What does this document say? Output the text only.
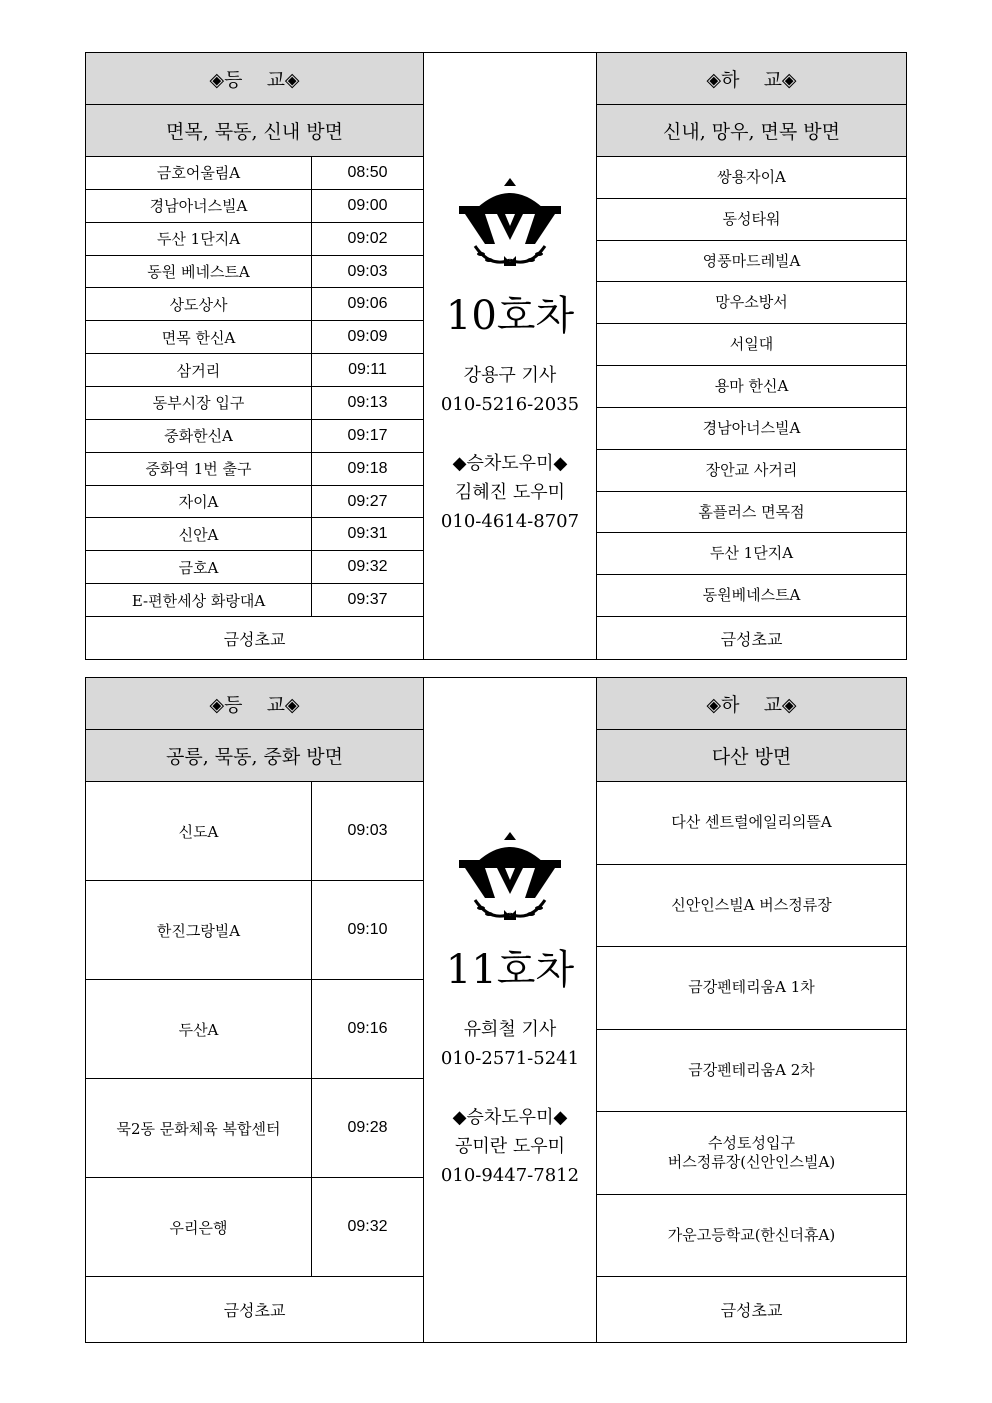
◈등    교◈
면목, 묵동, 신내 방면
금호어울림A	08:50
경남아너스빌A	09:00
두산 1단지A	09:02
동원 베네스트A	09:03
상도상사	09:06
면목 한신A	09:09
삼거리	09:11
동부시장 입구	09:13
중화한신A	09:17
중화역 1번 출구	09:18
자이A	09:27
신안A	09:31
금호A	09:32
E-편한세상 화랑대A	09:37
금성초교
10호차
강용구 기사
010-5216-2035
◆승차도우미◆
김혜진 도우미
010-4614-8707
◈하    교◈
신내, 망우, 면목 방면
쌍용자이A
동성타워
영풍마드레빌A
망우소방서
서일대
용마 한신A
경남아너스빌A
장안교 사거리
홈플러스 면목점
두산 1단지A
동원베네스트A
금성초교
◈등    교◈
공릉, 묵동, 중화 방면
신도A	09:03
한진그랑빌A	09:10
두산A	09:16
묵2동 문화체육 복합센터	09:28
우리은행	09:32
금성초교
11호차
유희철 기사
010-2571-5241
◆승차도우미◆
공미란 도우미
010-9447-7812
◈하    교◈
다산 방면
다산 센트럴에일리의뜰A
신안인스빌A 버스정류장
금강펜테리움A 1차
금강펜테리움A 2차
수성토성입구
버스정류장(신안인스빌A)
가운고등학교(한신더휴A)
금성초교
